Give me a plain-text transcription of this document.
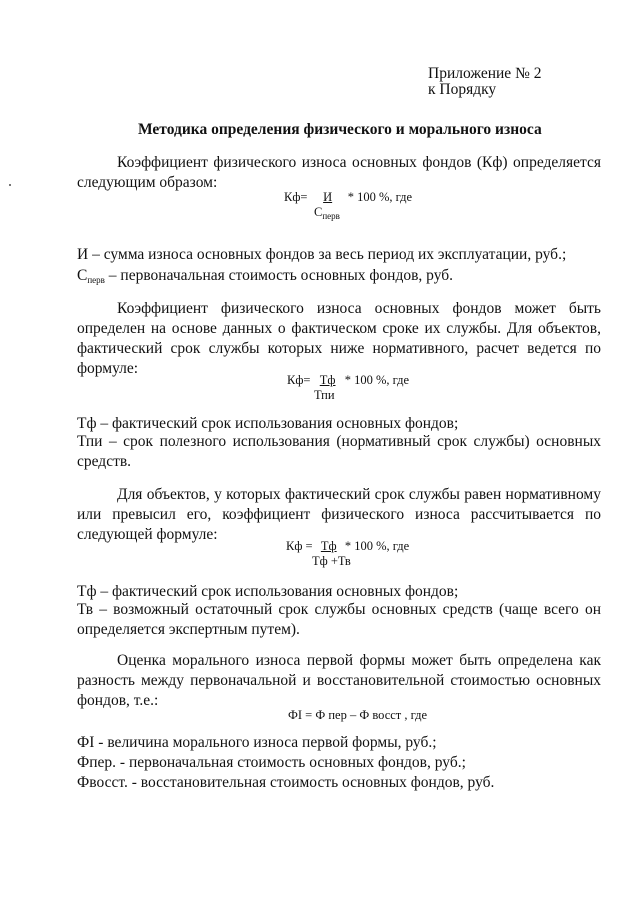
Приложение № 2
к Порядку
Методика определения физического и морального износа
Коэффициент физического износа основных фондов (Кф) определяется следующим образом:
Кф= И * 100 %, где
$С_{перв}$
И – сумма износа основных фондов за весь период их эксплуатации, руб.;
$С_{перв}$ – первоначальная стоимость основных фондов, руб.
Коэффициент физического износа основных фондов может быть определен на основе данных о фактическом сроке их службы. Для объектов, фактический срок службы которых ниже нормативного, расчет ведется по формуле:
Кф= Тф * 100 %, где
Тпи
Тф – фактический срок использования основных фондов;
Тпи – срок полезного использования (нормативный срок службы) основных средств.
Для объектов, у которых фактический срок службы равен нормативному или превысил его, коэффициент физического износа рассчитывается по следующей формуле:
Кф = Тф * 100 %, где
Тф +Тв
Тф – фактический срок использования основных фондов;
Тв – возможный остаточный срок службы основных средств (чаще всего он определяется экспертным путем).
Оценка морального износа первой формы может быть определена как разность между первоначальной и восстановительной стоимостью основных фондов, т.е.:
ФI = Ф пер – Ф восст , где
ФI - величина морального износа первой формы, руб.;
Фпер. - первоначальная стоимость основных фондов, руб.;
Фвосст. - восстановительная стоимость основных фондов, руб.
